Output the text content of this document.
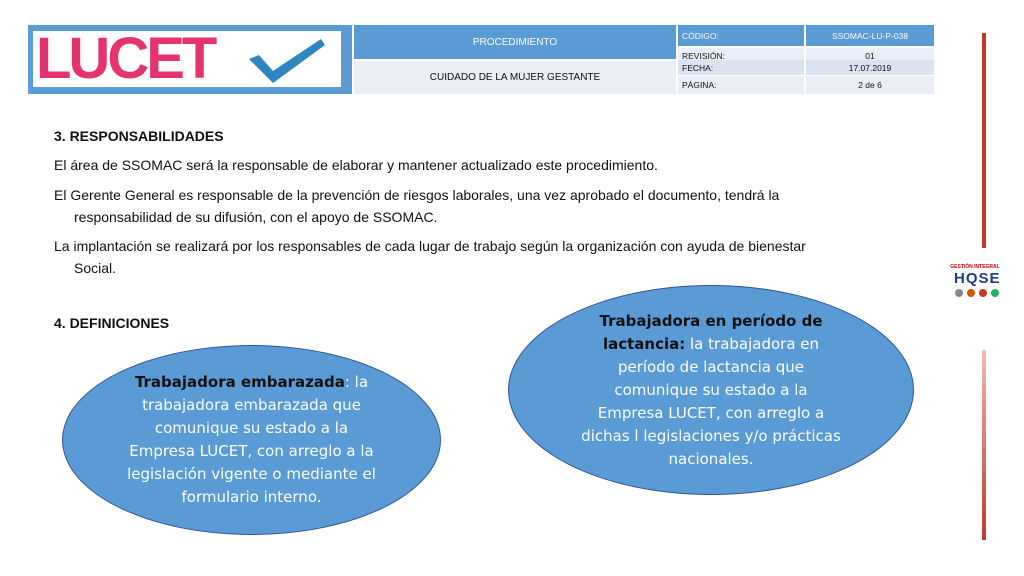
LUCET	PROCEDIMIENTO
CUIDADO DE LA MUJER GESTANTE
CÓDIGO:	SSOMAC-LU-P-038
REVISIÓN:	01
FECHA:	17.07.2019
PÁGINA:	2 de 6
3. RESPONSABILIDADES
El área de SSOMAC será la responsable de elaborar y mantener actualizado este procedimiento.
El Gerente General es responsable de la prevención de riesgos laborales, una vez aprobado el documento, tendrá la
responsabilidad de su difusión, con el apoyo de SSOMAC.
La implantación se realizará por los responsables de cada lugar de trabajo según la organización con ayuda de bienestar
Social.
4. DEFINICIONES
Trabajadora embarazada: la trabajadora embarazada que comunique su estado a la Empresa LUCET, con arreglo a la legislación vigente o mediante el formulario interno.
Trabajadora en período de lactancia: la trabajadora en período de lactancia que comunique su estado a la Empresa LUCET, con arreglo a dichas l legislaciones y/o prácticas nacionales.
GESTIÓN INTEGRAL
HQSE
